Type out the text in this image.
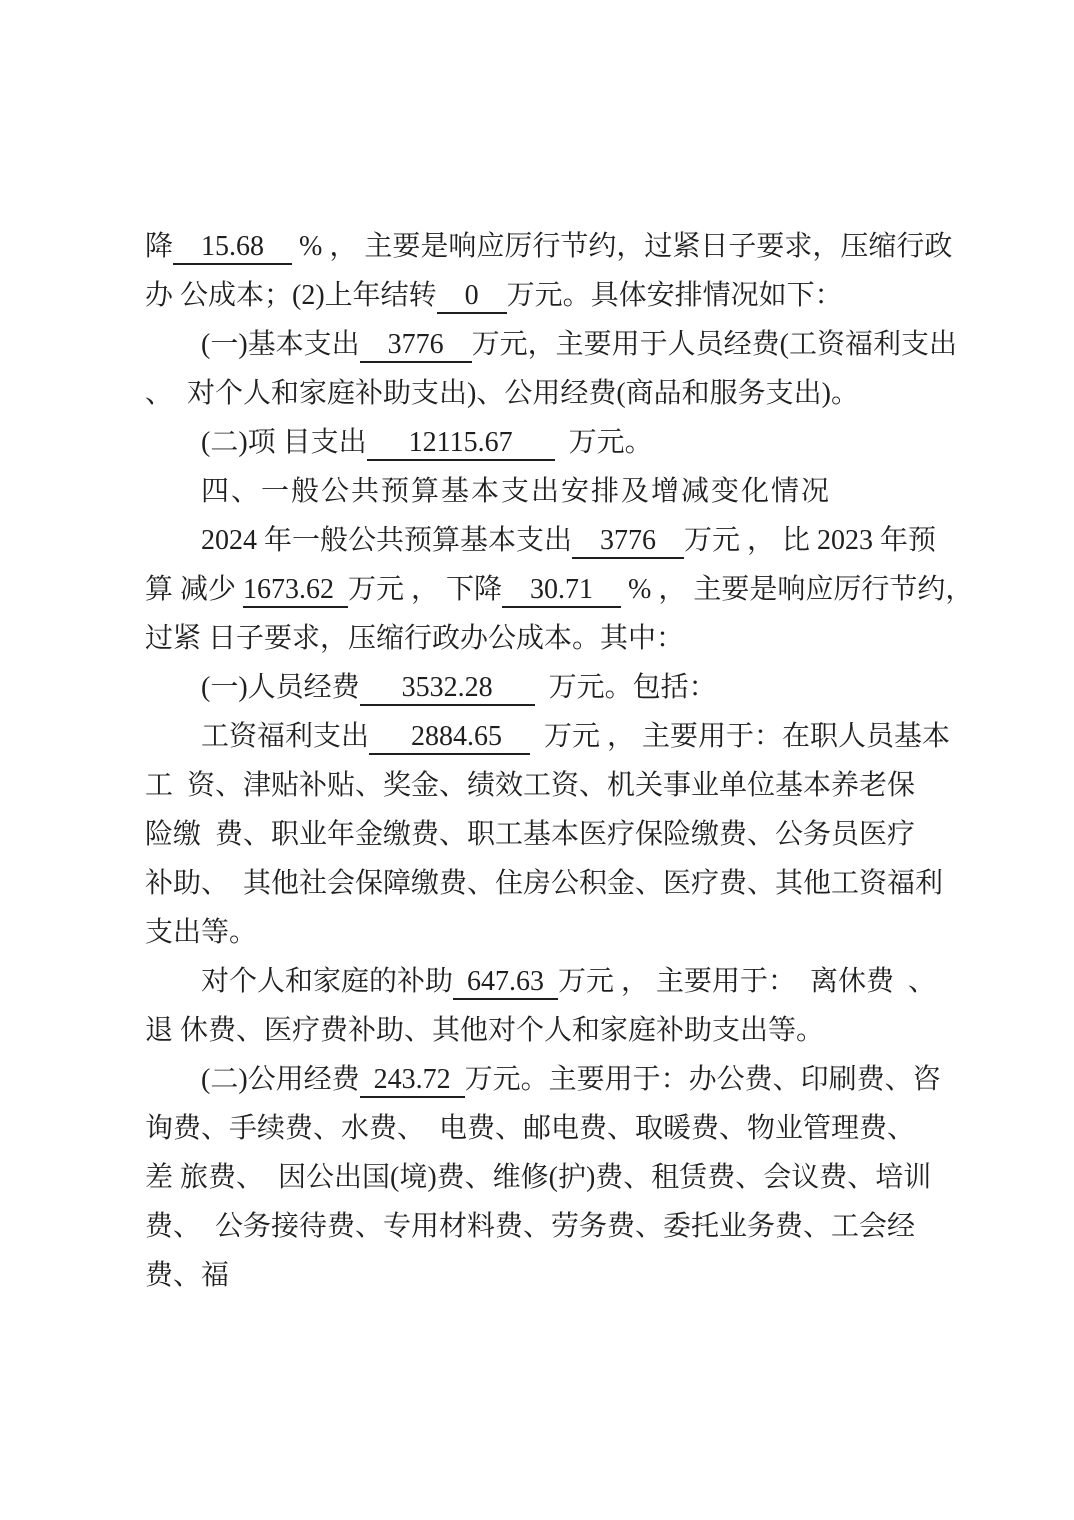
降  15.68   % ， 主要是响应厉行节约，过紧日子要求，压缩行政
办 公成本；(2)上年结转  0  万元。具体安排情况如下：
(一)基本支出  3776  万元，主要用于人员经费(工资福利支出
、 对个人和家庭补助支出)、公用经费(商品和服务支出)。
(二)项 目支出   12115.67    万元。
四、一般公共预算基本支出安排及增减变化情况
2024 年一般公共预算基本支出  3776  万元 ， 比 2023 年预
算 减少 1673.62 万元 ， 下降  30.71   % ， 主要是响应厉行节约，
过紧 日子要求，压缩行政办公成本。其中：
(一)人员经费   3532.28    万元。包括：
工资福利支出   2884.65   万元 ， 主要用于：在职人员基本
工 资、津贴补贴、奖金、绩效工资、机关事业单位基本养老保
险缴 费、职业年金缴费、职工基本医疗保险缴费、公务员医疗
补助、 其他社会保障缴费、住房公积金、医疗费、其他工资福利
支出等。
对个人和家庭的补助 647.63 万元 ， 主要用于： 离休费 、
退 休费、医疗费补助、其他对个人和家庭补助支出等。
(二)公用经费 243.72 万元。主要用于：办公费、印刷费、咨
询费、手续费、水费、 电费、邮电费、取暖费、物业管理费、
差 旅费、 因公出国(境)费、维修(护)费、租赁费、会议费、培训
费、 公务接待费、专用材料费、劳务费、委托业务费、工会经
费、福
